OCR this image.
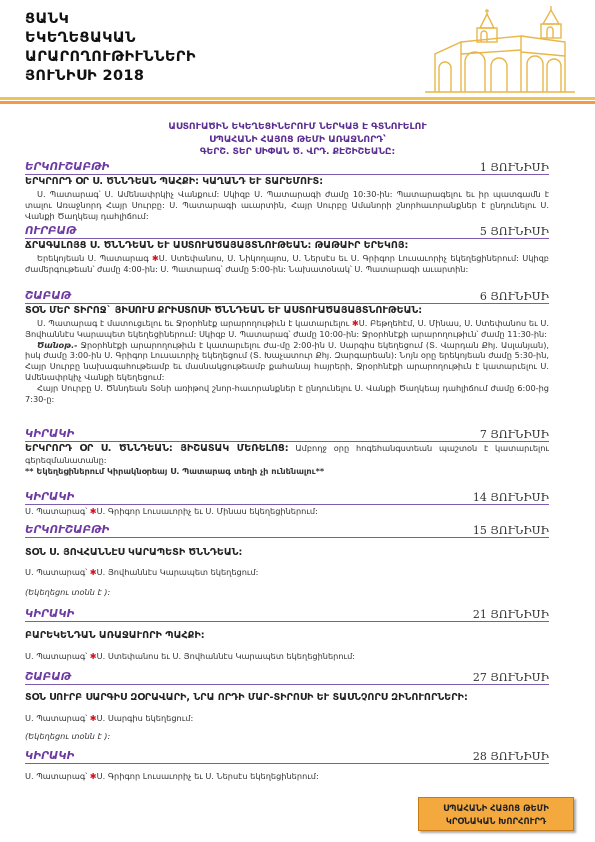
ՑԱՆԿ
ԵԿԵՂԵՑԱԿԱՆ
ԱՐԱՐՈՂՈՒԹԻՒՆՆԵՐԻ
ՅՈՒՆԻՍԻ 2018
ԱՍՏՈՒԱԾԻՆ ԵԿԵՂԵՑԻՆԵՐՈՒՄ ՆԵՐԿԱՅ Է ԳՏՆՈՒԵԼՈՒ
ՍՊԱՀԱՆԻ ՀԱՅՈՑ ԹԵՄԻ ԱՌԱՋՆՈՐԴ՝
ԳԵՐՇ. ՏԵՐ ՍԻՓԱՆ Ծ. ՎՐԴ. ՔԷՇԻՇԵԱՆԸ:
ԵՐԿՈՒՇԱԲԹԻ	1 ՅՈՒՆԻՍԻ
ԵՐԿՐՈՐԴ ՕՐ Ս. ԾՆՆԴԵԱՆ ՊԱՀՔԻ: ԿԱՂԱՆԴ ԵՒ ՏԱՐԵՄՈՒՏ:

Ս. Պատարագ՝ Ս. Ամենափրկիչ Վանքում: Սկիզբ Ս. Պատարագի ժամը 10:30-ին: Պատարագելու եւ իր պատգամն է տալու Առաջնորդ Հայր Սուրբը: Ս. Պատարագի աւարտին, Հայր Սուրբը Ամանորի շնորհաւորանքներ է ընդունելու Ս. Վանքի Ծաղկեայ դահլիճում:

ՈՒՐԲԱԹ	5 ՅՈՒՆԻՍԻ
ՃՐԱԳԱԼՈՅՑ Ս. ԾՆՆԴԵԱՆ ԵՒ ԱՍՏՈՒԱԾԱՅԱՅՏՆՈՒԹԵԱՆ: ԹԱԹԱԻՐ ԵՐԵԿՈՅ:

Երեկոյեան Ս. Պատարագ ✱Ս. Ստեփանոս, Ս. Նիկողայոս, Ս. Ներսէս եւ Ս. Գրիգոր Լուսաւորիչ եկեղեցիներում: Սկիզբ ժամերգութեան՝ ժամը 4:00-ին: Ս. Պատարագ՝ ժամը 5:00-ին: Նախատօնակ՝ Ս. Պատարագի աւարտին:

ՇԱԲԱԹ	6 ՅՈՒՆԻՍԻ
ՏՕՆ ՄԵՐ ՏԻՐՈՋ` ՅԻՍՈՒՍ ՔՐԻՍՏՈՍԻ ԾՆՆԴԵԱՆ ԵՒ ԱՍՏՈՒԱԾԱՅԱՅՏՆՈՒԹԵԱՆ:

Ս. Պատարագ է մատուցւելու եւ Ջրօրհնէք արարողութիւն է կատարւելու ✱Ս. Բեթղեհէմ, Ս. Մինաս, Ս. Ստեփանոս եւ Ս. Յովհաննէս Կարապետ եկեղեցիներում: Սկիզբ Ս. Պատարագ՝ ժամը 10:00-ին: Ջրօրհնէքի արարողութիւն՝ ժամը 11:30-ին:

Ծանօթ.- Ջրօրհնէքի արարողութիւն է կատարւելու ժա-մը 2:00-ին Ս. Սարգիս եկեղեցում (Տ. Վարդան Քհյ. Ասլանյան), իսկ ժամը 3:00-ին Ս. Գրիգոր Լուսաւորիչ եկեղեցում (Տ. Խաչատուր Քհյ. Զարգարեան): Նոյն օրը երեկոյեան ժամը 5:30-ին, Հայր Սուրբը նախագահութեամբ եւ մասնակցութեամբ քահանայ հայրերի, Ջրօրհնէքի արարողութիւն է կատարւելու Ս. Ամենափրկիչ Վանքի եկեղեցում:

Հայր Սուրբը Ս. Ծննդեան Տօնի առիթով շնոր-հաւորանքներ է ընդունելու Ս. Վանքի Ծաղկեայ դահլիճում ժամը 6:00-ից 7:30-ը:

ԿԻՐԱԿԻ	7 ՅՈՒՆԻՍԻ

ԵՐԿՐՈՐԴ ՕՐ Ս. ԾՆՆԴԵԱՆ: ՅԻՇԱՏԱԿ ՄԵՌԵԼՈՑ: Ամբողջ օրը հոգեհանգստեան պաշտօն է կատարւելու գերեզմանատանը:

** Եկեղեցիներում Կիրակնօրեայ Ս. Պատարագ տեղի չի ունենալու**

ԿԻՐԱԿԻ	14 ՅՈՒՆԻՍԻ

Ս. Պատարագ՝ ✱Ս. Գրիգոր Լուսաւորիչ եւ Ս. Մինաս եկեղեցիներում:

ԵՐԿՈՒՇԱԲԹԻ	15 ՅՈՒՆԻՍԻ
ՏՕՆ Ս. ՅՈՎՀԱՆՆԷՍ ԿԱՐԱՊԵՏԻ ԾՆՆԴԵԱՆ:

Ս. Պատարագ՝ ✱Ս. Յովհաննէս Կարապետ եկեղեցում:

(Եկեղեցու տօնն է ):
ԿԻՐԱԿԻ	21 ՅՈՒՆԻՍԻ
ԲԱՐԵԿԵՆԴԱՆ ԱՌԱՋԱՒՈՐԻ ՊԱՀՔԻ:

Ս. Պատարագ՝ ✱Ս. Ստեփանոս եւ Ս. Յովհաննէս Կարապետ եկեղեցիներում:

ՇԱԲԱԹ	27 ՅՈՒՆԻՍԻ
ՏՕՆ ՍՈՒՐԲ ՍԱՐԳԻՍ ԶՕՐԱՎԱՐԻ, ՆՐԱ ՈՐԴԻ ՄԱՐ-ՏԻՐՈՍԻ ԵՒ ՏԱՍՆՉՈՐՍ ԶԻՆՈՒՈՐՆԵՐԻ:

Ս. Պատարագ՝ ✱Ս. Սարգիս եկեղեցում:

(Եկեղեցու տօնն է ):
ԿԻՐԱԿԻ	28 ՅՈՒՆԻՍԻ

Ս. Պատարագ՝ ✱Ս. Գրիգոր Լուսաւորիչ եւ Ս. Ներսէս եկեղեցիներում:

ՍՊԱՀԱՆԻ ՀԱՅՈՑ ԹԵՄԻ
ԿՐՕՆԱԿԱՆ ԽՈՐՀՈՒՐԴ
